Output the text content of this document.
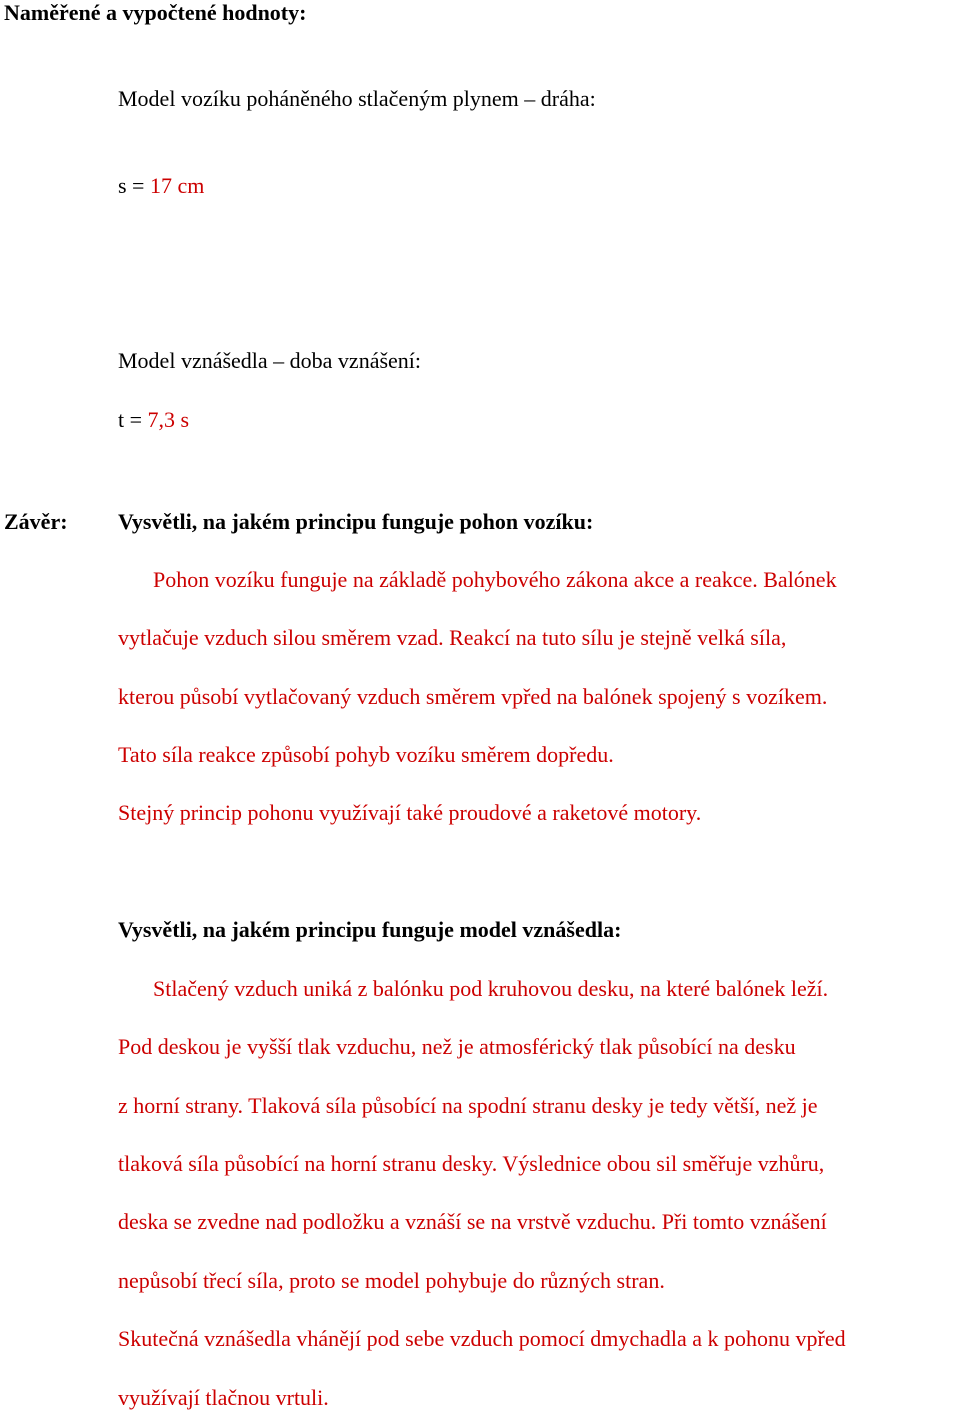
Naměřené a vypočtené hodnoty:
Model vozíku poháněného stlačeným plynem – dráha:
s = 17 cm
Model vznášedla – doba vznášení:
t = 7,3 s
Závěr: Vysvětli, na jakém principu funguje pohon vozíku:
Pohon vozíku funguje na základě pohybového zákona akce a reakce. Balónek
vytlačuje vzduch silou směrem vzad. Reakcí na tuto sílu je stejně velká síla,
kterou působí vytlačovaný vzduch směrem vpřed na balónek spojený s vozíkem.
Tato síla reakce způsobí pohyb vozíku směrem dopředu.
Stejný princip pohonu využívají také proudové a raketové motory.
Vysvětli, na jakém principu funguje model vznášedla:
Stlačený vzduch uniká z balónku pod kruhovou desku, na které balónek leží.
Pod deskou je vyšší tlak vzduchu, než je atmosférický tlak působící na desku
z horní strany. Tlaková síla působící na spodní stranu desky je tedy větší, než je
tlaková síla působící na horní stranu desky. Výslednice obou sil směřuje vzhůru,
deska se zvedne nad podložku a vznáší se na vrstvě vzduchu. Při tomto vznášení
nepůsobí třecí síla, proto se model pohybuje do různých stran.
Skutečná vznášedla vhánějí pod sebe vzduch pomocí dmychadla a k pohonu vpřed
využívají tlačnou vrtuli.
